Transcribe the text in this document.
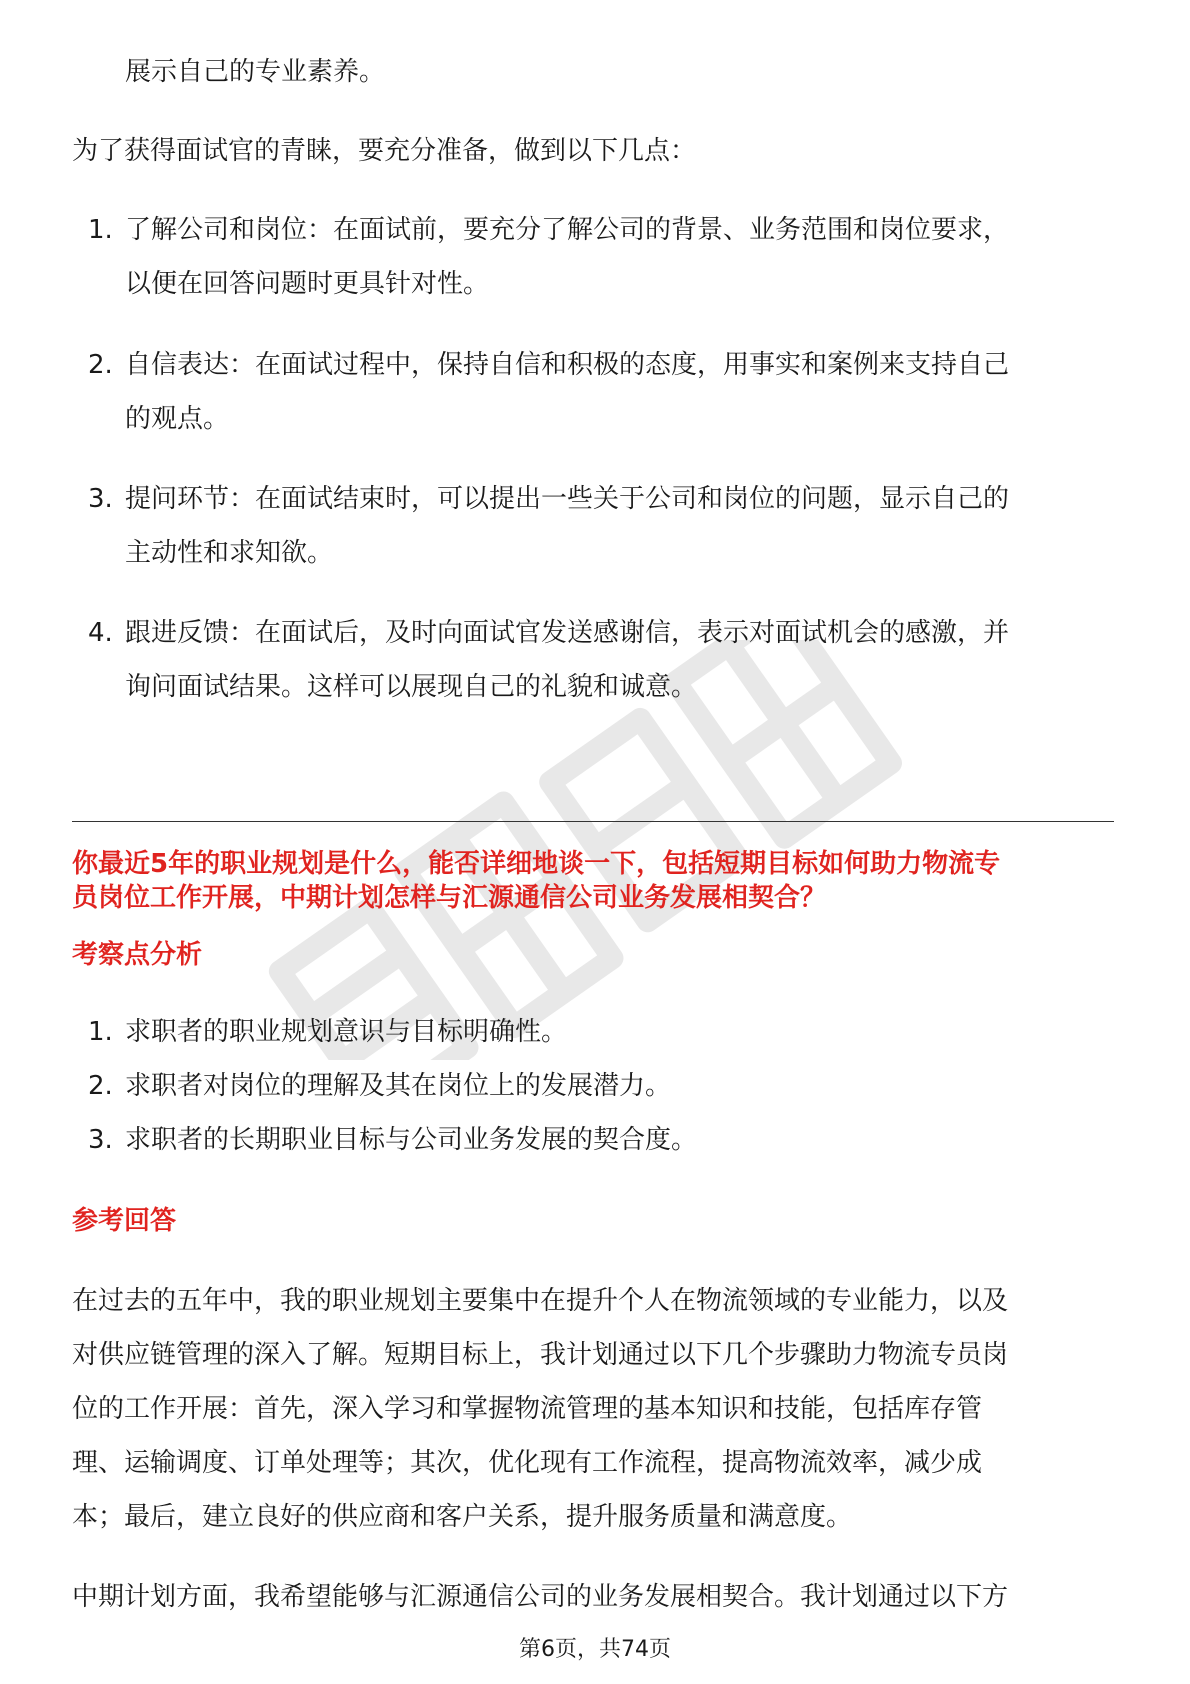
展示自己的专业素养。
为了获得面试官的青睐，要充分准备，做到以下几点：
1. 了解公司和岗位：在面试前，要充分了解公司的背景、业务范围和岗位要求，
以便在回答问题时更具针对性。
2. 自信表达：在面试过程中，保持自信和积极的态度，用事实和案例来支持自己
的观点。
3. 提问环节：在面试结束时，可以提出一些关于公司和岗位的问题，显示自己的
主动性和求知欲。
4. 跟进反馈：在面试后，及时向面试官发送感谢信，表示对面试机会的感激，并
询问面试结果。这样可以展现自己的礼貌和诚意。
你最近5年的职业规划是什么，能否详细地谈一下，包括短期目标如何助力物流专
员岗位工作开展，中期计划怎样与汇源通信公司业务发展相契合？
考察点分析
1. 求职者的职业规划意识与目标明确性。
2. 求职者对岗位的理解及其在岗位上的发展潜力。
3. 求职者的长期职业目标与公司业务发展的契合度。
参考回答
在过去的五年中，我的职业规划主要集中在提升个人在物流领域的专业能力，以及
对供应链管理的深入了解。短期目标上，我计划通过以下几个步骤助力物流专员岗
位的工作开展：首先，深入学习和掌握物流管理的基本知识和技能，包括库存管
理、运输调度、订单处理等；其次，优化现有工作流程，提高物流效率，减少成
本；最后，建立良好的供应商和客户关系，提升服务质量和满意度。
中期计划方面，我希望能够与汇源通信公司的业务发展相契合。我计划通过以下方
第6页，共74页
